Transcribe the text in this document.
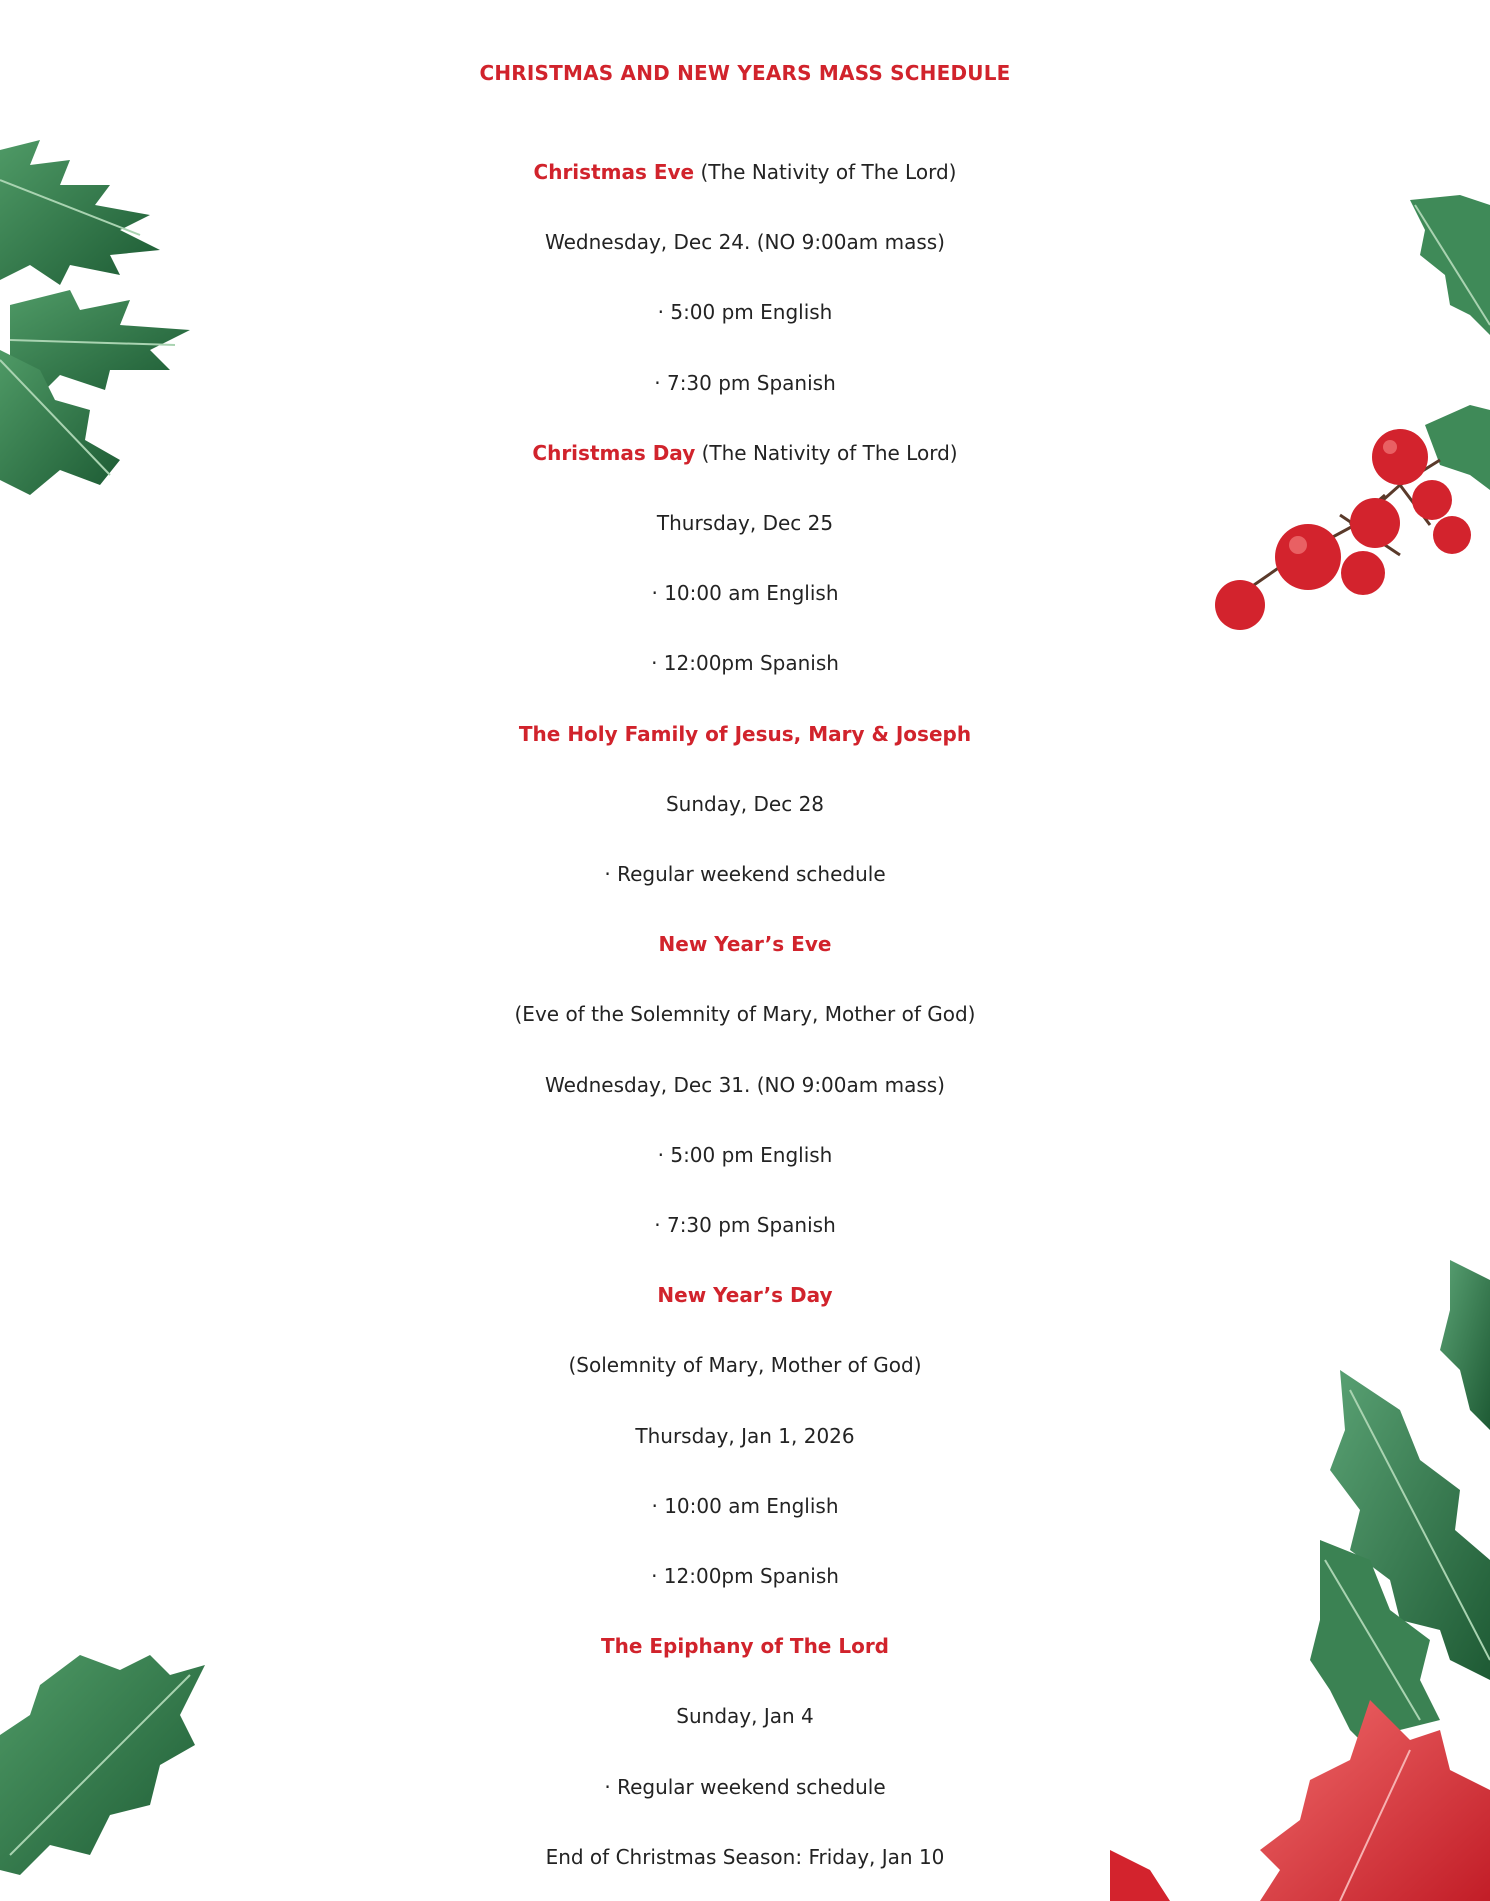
CHRISTMAS AND NEW YEARS MASS SCHEDULE

Christmas Eve (The Nativity of The Lord)

Wednesday, Dec 24. (NO 9:00am mass)

· 5:00 pm English

· 7:30 pm Spanish

Christmas Day (The Nativity of The Lord)

Thursday, Dec 25

· 10:00 am English

· 12:00pm Spanish

The Holy Family of Jesus, Mary & Joseph

Sunday, Dec 28

· Regular weekend schedule

New Year’s Eve

(Eve of the Solemnity of Mary, Mother of God)

Wednesday, Dec 31. (NO 9:00am mass)

· 5:00 pm English

· 7:30 pm Spanish

New Year’s Day

(Solemnity of Mary, Mother of God)

Thursday, Jan 1, 2026

· 10:00 am English

· 12:00pm Spanish

The Epiphany of The Lord

Sunday, Jan 4

· Regular weekend schedule

End of Christmas Season: Friday, Jan 10
